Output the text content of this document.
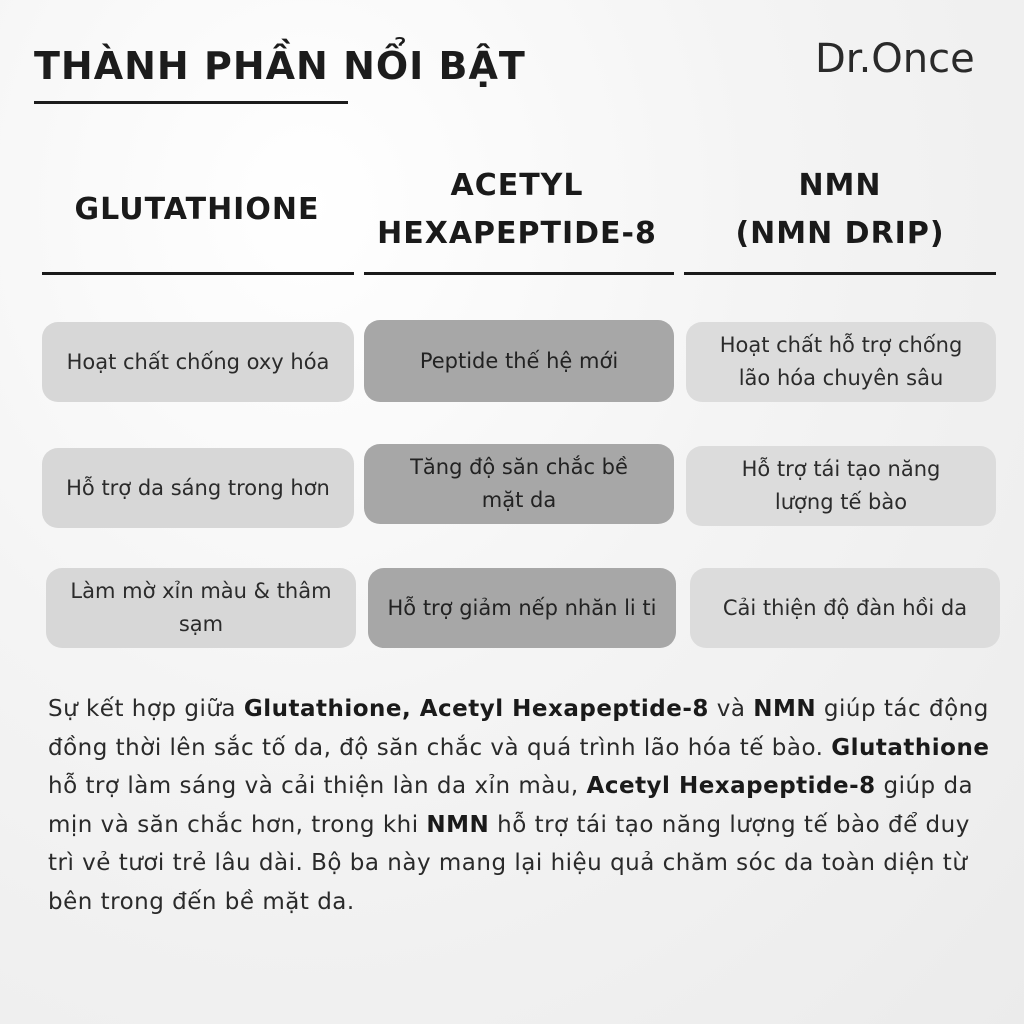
THÀNH PHẦN NỔI BẬT	Dr.Once
GLUTATHIONE
ACETYL
HEXAPEPTIDE-8
NMN
(NMN DRIP)
Hoạt chất chống oxy hóa
Hỗ trợ da sáng trong hơn
Làm mờ xỉn màu & thâm
sạm
Peptide thế hệ mới
Tăng độ săn chắc bề
mặt da
Hỗ trợ giảm nếp nhăn li ti
Hoạt chất hỗ trợ chống
lão hóa chuyên sâu
Hỗ trợ tái tạo năng
lượng tế bào
Cải thiện độ đàn hồi da

Sự kết hợp giữa Glutathione, Acetyl Hexapeptide-8 và NMN giúp tác động đồng thời lên sắc tố da, độ săn chắc và quá trình lão hóa tế bào. Glutathione hỗ trợ làm sáng và cải thiện làn da xỉn màu, Acetyl Hexapeptide-8 giúp da mịn và săn chắc hơn, trong khi NMN hỗ trợ tái tạo năng lượng tế bào để duy trì vẻ tươi trẻ lâu dài. Bộ ba này mang lại hiệu quả chăm sóc da toàn diện từ bên trong đến bề mặt da.
